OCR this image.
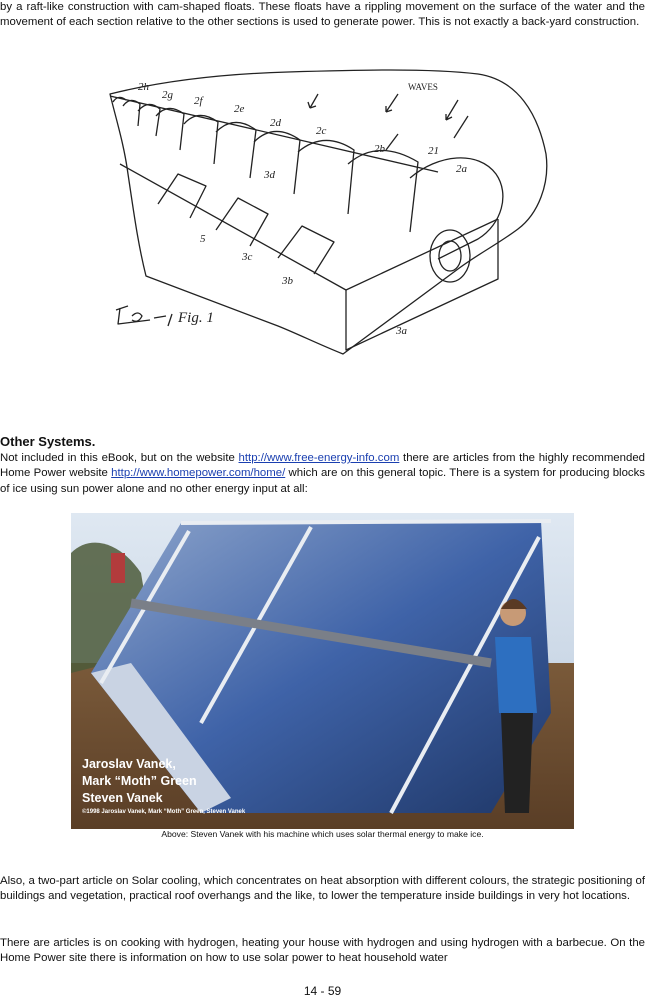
by a raft-like construction with cam-shaped floats. These floats have a rippling movement on the surface of the water and the movement of each section relative to the other sections is used to generate power. This is not exactly a back-yard construction.
2h
2g 2f
2e
2d
2c
2b	21
2a
3d
5
3c
3b
3a
WAVES
Fig. 1
Other Systems.
Not included in this eBook, but on the website http://www.free-energy-info.com there are articles from the highly recommended Home Power website http://www.homepower.com/home/ which are on this general topic. There is a system for producing blocks of ice using sun power alone and no other energy input at all:
Jaroslav Vanek,
Mark “Moth” Green
Steven Vanek
©1998 Jaroslav Vanek, Mark “Moth” Green, Steven Vanek
Above: Steven Vanek with his machine which uses solar thermal energy to make ice.
Also, a two-part article on Solar cooling, which concentrates on heat absorption with different colours, the strategic positioning of buildings and vegetation, practical roof overhangs and the like, to lower the temperature inside buildings in very hot locations.
There are articles is on cooking with hydrogen, heating your house with hydrogen and using hydrogen with a barbecue. On the Home Power site there is information on how to use solar power to heat household water
14 - 59
